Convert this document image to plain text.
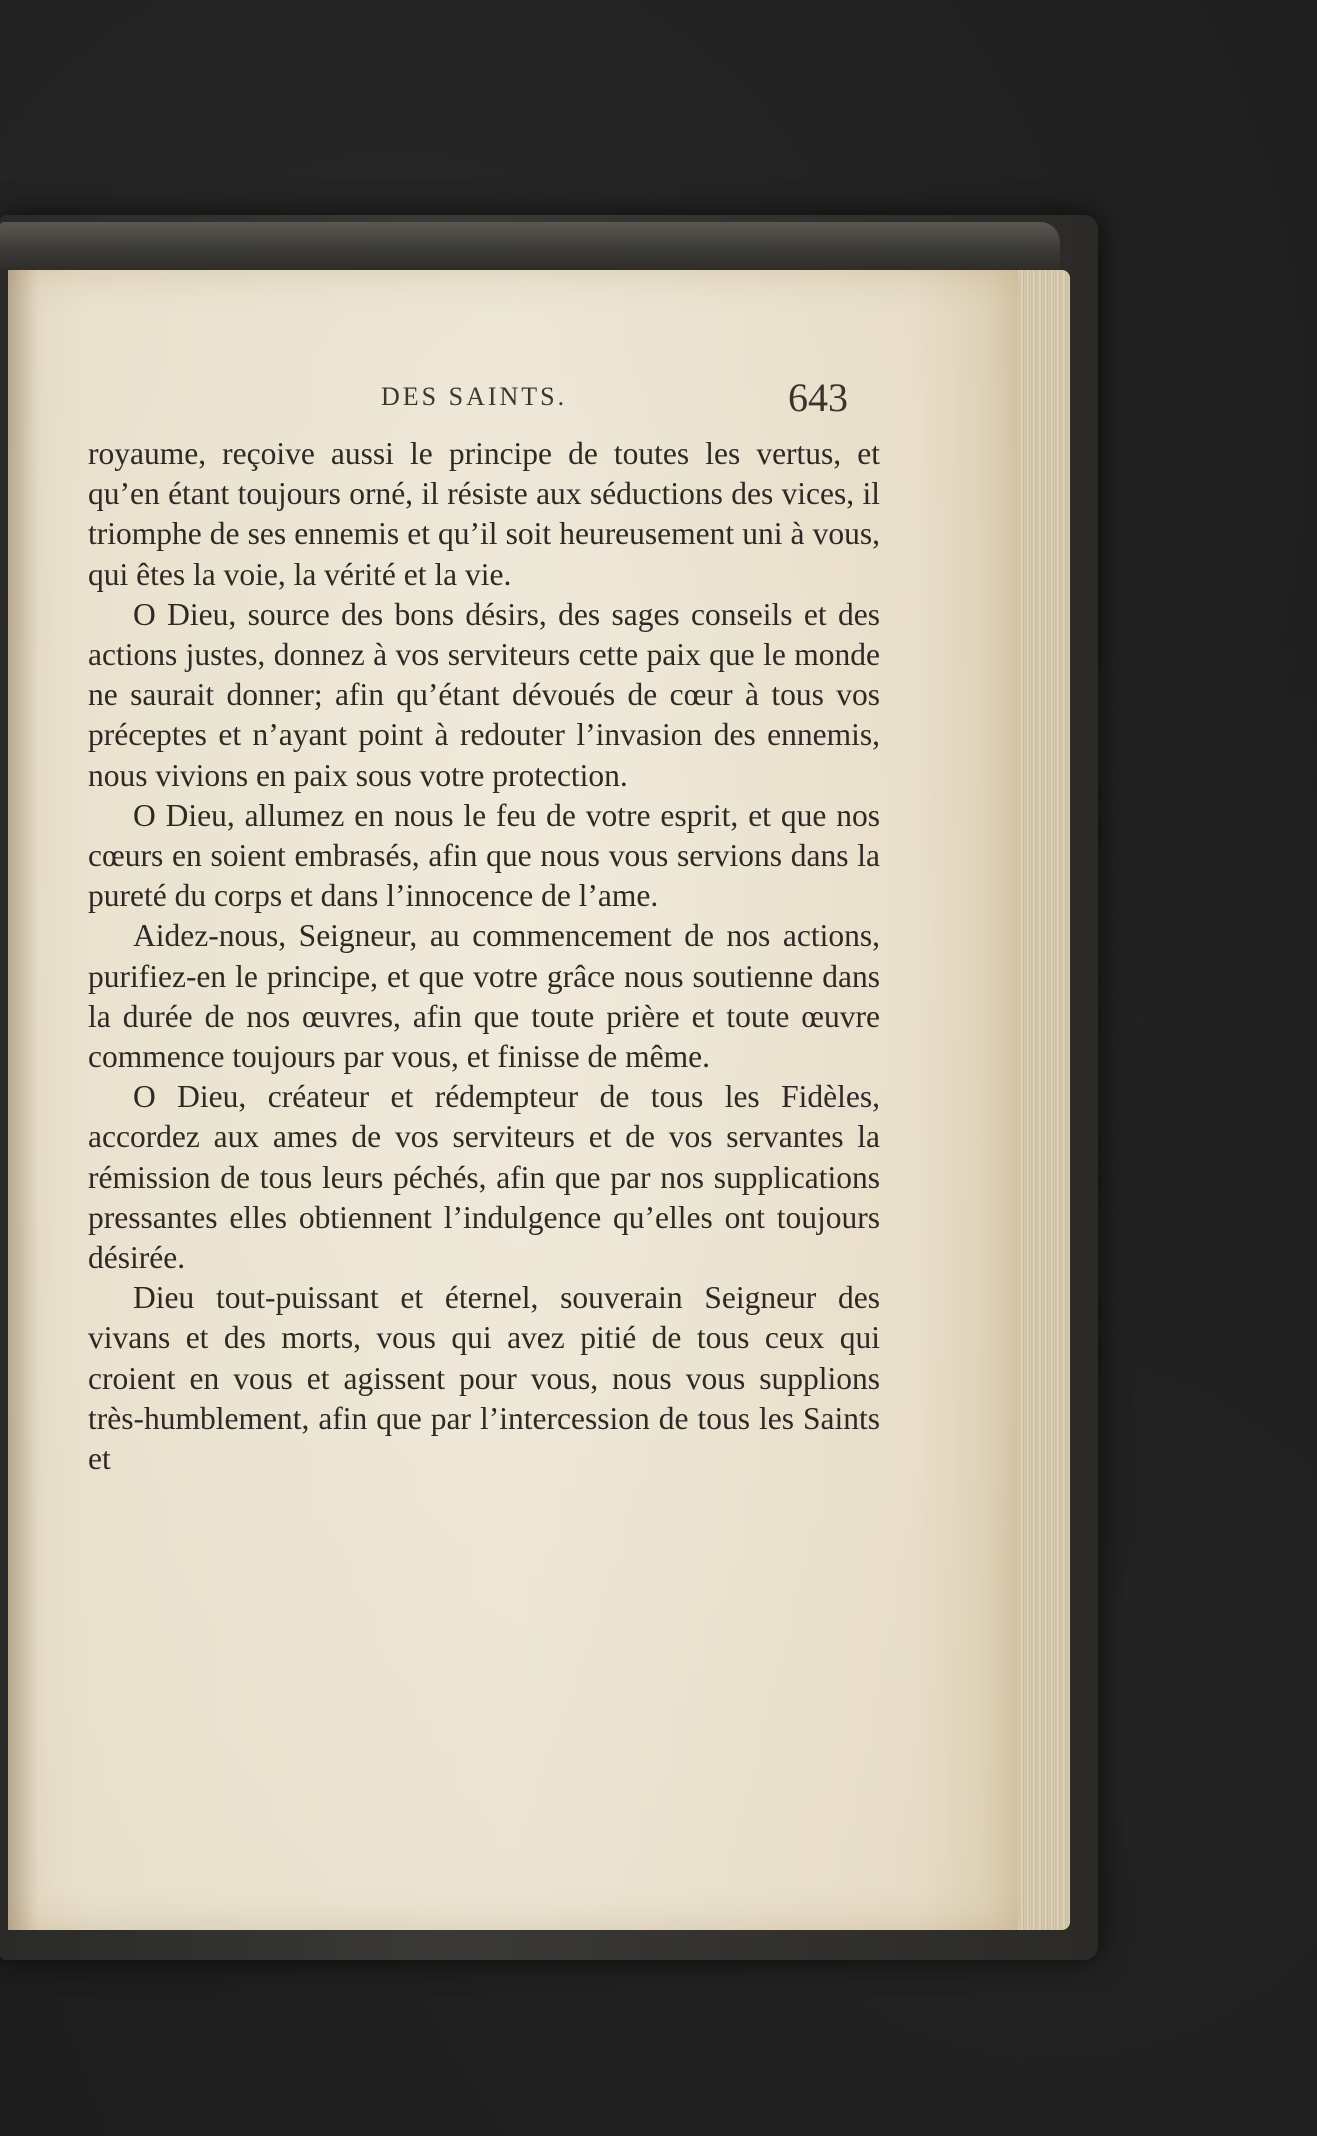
DES SAINTS.	643

royaume, reçoive aussi le principe de toutes les vertus, et qu’en étant toujours orné, il résiste aux séductions des vices, il triomphe de ses ennemis et qu’il soit heureusement uni à vous, qui êtes la voie, la vérité et la vie.

O Dieu, source des bons désirs, des sages conseils et des actions justes, donnez à vos serviteurs cette paix que le monde ne saurait donner; afin qu’étant dévoués de cœur à tous vos préceptes et n’ayant point à redouter l’invasion des ennemis, nous vivions en paix sous votre protection.

O Dieu, allumez en nous le feu de votre esprit, et que nos cœurs en soient embrasés, afin que nous vous servions dans la pureté du corps et dans l’innocence de l’ame.

Aidez-nous, Seigneur, au commencement de nos actions, purifiez-en le principe, et que votre grâce nous soutienne dans la durée de nos œuvres, afin que toute prière et toute œuvre commence toujours par vous, et finisse de même.

O Dieu, créateur et rédempteur de tous les Fidèles, accordez aux ames de vos serviteurs et de vos servantes la rémission de tous leurs péchés, afin que par nos supplications pressantes elles obtiennent l’indulgence qu’elles ont toujours désirée.

Dieu tout-puissant et éternel, souverain Seigneur des vivans et des morts, vous qui avez pitié de tous ceux qui croient en vous et agissent pour vous, nous vous supplions très-humblement, afin que par l’intercession de tous les Saints et
